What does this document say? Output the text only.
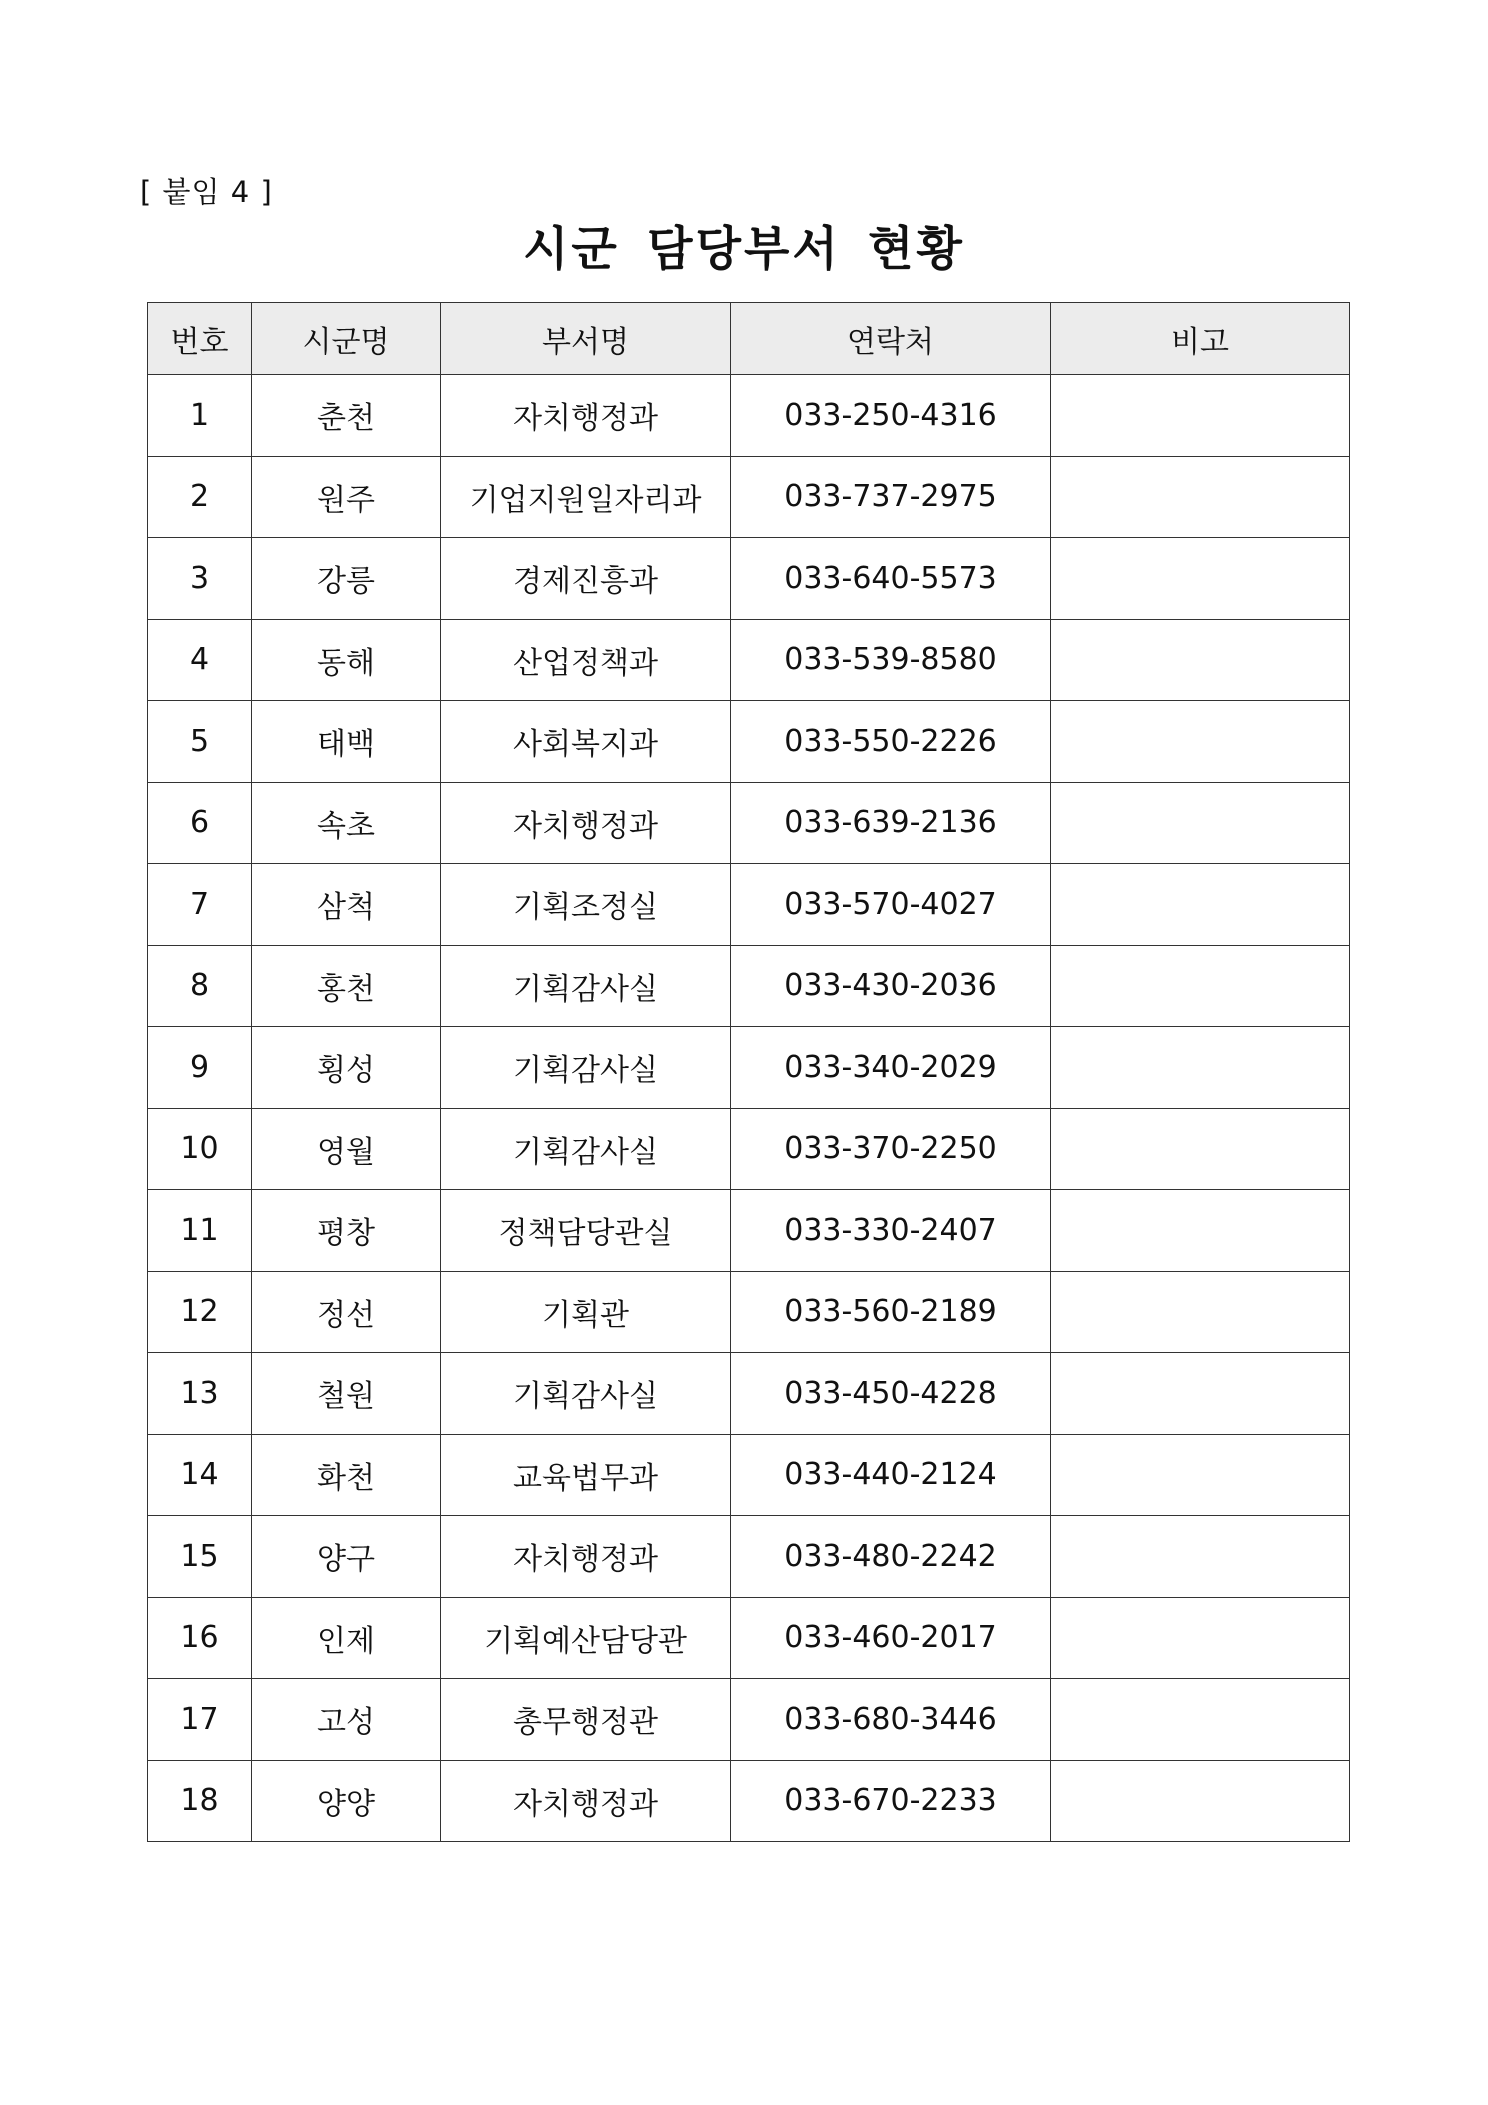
[ 붙임 4 ]
시군 담당부서 현황
번호	시군명	부서명	연락처	비고
1	춘천	자치행정과	033-250-4316	
2	원주	기업지원일자리과	033-737-2975	
3	강릉	경제진흥과	033-640-5573	
4	동해	산업정책과	033-539-8580	
5	태백	사회복지과	033-550-2226	
6	속초	자치행정과	033-639-2136	
7	삼척	기획조정실	033-570-4027	
8	홍천	기획감사실	033-430-2036	
9	횡성	기획감사실	033-340-2029	
10	영월	기획감사실	033-370-2250	
11	평창	정책담당관실	033-330-2407	
12	정선	기획관	033-560-2189	
13	철원	기획감사실	033-450-4228	
14	화천	교육법무과	033-440-2124	
15	양구	자치행정과	033-480-2242	
16	인제	기획예산담당관	033-460-2017	
17	고성	총무행정관	033-680-3446	
18	양양	자치행정과	033-670-2233	
